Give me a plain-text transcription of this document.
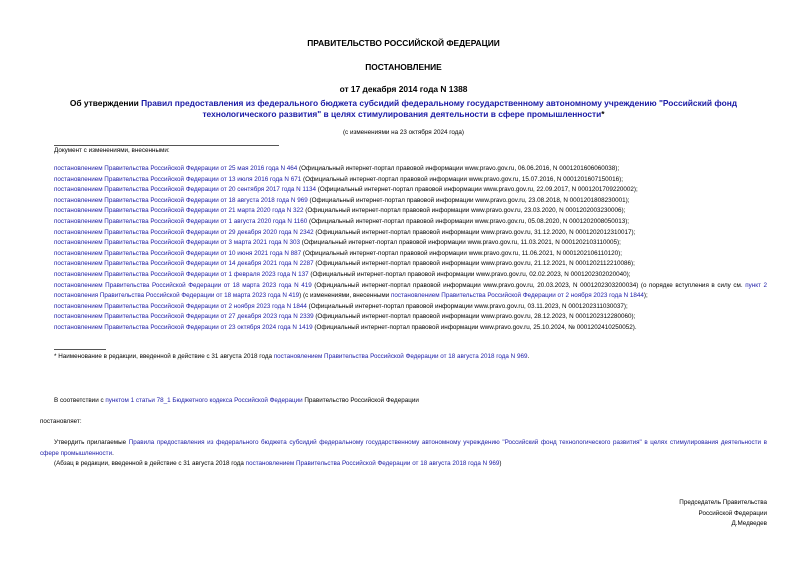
ПРАВИТЕЛЬСТВО РОССИЙСКОЙ ФЕДЕРАЦИИ
ПОСТАНОВЛЕНИЕ
от 17 декабря 2014 года N 1388
Об утверждении Правил предоставления из федерального бюджета субсидий федеральному государственному автономному учреждению "Российский фонд технологического развития" в целях стимулирования деятельности в сфере промышленности*
(с изменениями на 23 октября 2024 года)
Документ с изменениями, внесенными:
постановлением Правительства Российской Федерации от 25 мая 2016 года N 464 (Официальный интернет-портал правовой информации www.pravo.gov.ru, 06.06.2016, N 0001201606060038);
постановлением Правительства Российской Федерации от 13 июля 2016 года N 671 (Официальный интернет-портал правовой информации www.pravo.gov.ru, 15.07.2016, N 0001201607150016);
постановлением Правительства Российской Федерации от 20 сентября 2017 года N 1134 (Официальный интернет-портал правовой информации www.pravo.gov.ru, 22.09.2017, N 0001201709220002);
постановлением Правительства Российской Федерации от 18 августа 2018 года N 969 (Официальный интернет-портал правовой информации www.pravo.gov.ru, 23.08.2018, N 0001201808230001);
постановлением Правительства Российской Федерации от 21 марта 2020 года N 322 (Официальный интернет-портал правовой информации www.pravo.gov.ru, 23.03.2020, N 0001202003230006);
постановлением Правительства Российской Федерации от 1 августа 2020 года N 1160 (Официальный интернет-портал правовой информации www.pravo.gov.ru, 05.08.2020, N 0001202008050013);
постановлением Правительства Российской Федерации от 29 декабря 2020 года N 2342 (Официальный интернет-портал правовой информации www.pravo.gov.ru, 31.12.2020, N 0001202012310017);
постановлением Правительства Российской Федерации от 3 марта 2021 года N 303 (Официальный интернет-портал правовой информации www.pravo.gov.ru, 11.03.2021, N 0001202103110005);
постановлением Правительства Российской Федерации от 10 июня 2021 года N 887 (Официальный интернет-портал правовой информации www.pravo.gov.ru, 11.06.2021, N 0001202106110120);
постановлением Правительства Российской Федерации от 14 декабря 2021 года N 2287 (Официальный интернет-портал правовой информации www.pravo.gov.ru, 21.12.2021, N 0001202112210086);
постановлением Правительства Российской Федерации от 1 февраля 2023 года N 137 (Официальный интернет-портал правовой информации www.pravo.gov.ru, 02.02.2023, N 0001202302020040);
постановлением Правительства Российской Федерации от 18 марта 2023 года N 419 (Официальный интернет-портал правовой информации www.pravo.gov.ru, 20.03.2023, N 0001202303200034) (о порядке вступления в силу см. пункт 2 постановления Правительства Российской Федерации от 18 марта 2023 года N 419) (с изменениями, внесенными постановлением Правительства Российской Федерации от 2 ноября 2023 года N 1844);
постановлением Правительства Российской Федерации от 2 ноября 2023 года N 1844 (Официальный интернет-портал правовой информации www.pravo.gov.ru, 03.11.2023, N 0001202311030037);
постановлением Правительства Российской Федерации от 27 декабря 2023 года N 2339 (Официальный интернет-портал правовой информации www.pravo.gov.ru, 28.12.2023, N 0001202312280060);
постановлением Правительства Российской Федерации от 23 октября 2024 года N 1419 (Официальный интернет-портал правовой информации www.pravo.gov.ru, 25.10.2024, № 0001202410250052).
* Наименование в редакции, введенной в действие с 31 августа 2018 года постановлением Правительства Российской Федерации от 18 августа 2018 года N 969.
В соответствии с пунктом 1 статьи 78_1 Бюджетного кодекса Российской Федерации Правительство Российской Федерации
постановляет:
Утвердить прилагаемые Правила предоставления из федерального бюджета субсидий федеральному государственному автономному учреждению "Российский фонд технологического развития" в целях стимулирования деятельности в сфере промышленности.
(Абзац в редакции, введенной в действие с 31 августа 2018 года постановлением Правительства Российской Федерации от 18 августа 2018 года N 969)
Председатель Правительства
Российской Федерации
Д.Медведев
